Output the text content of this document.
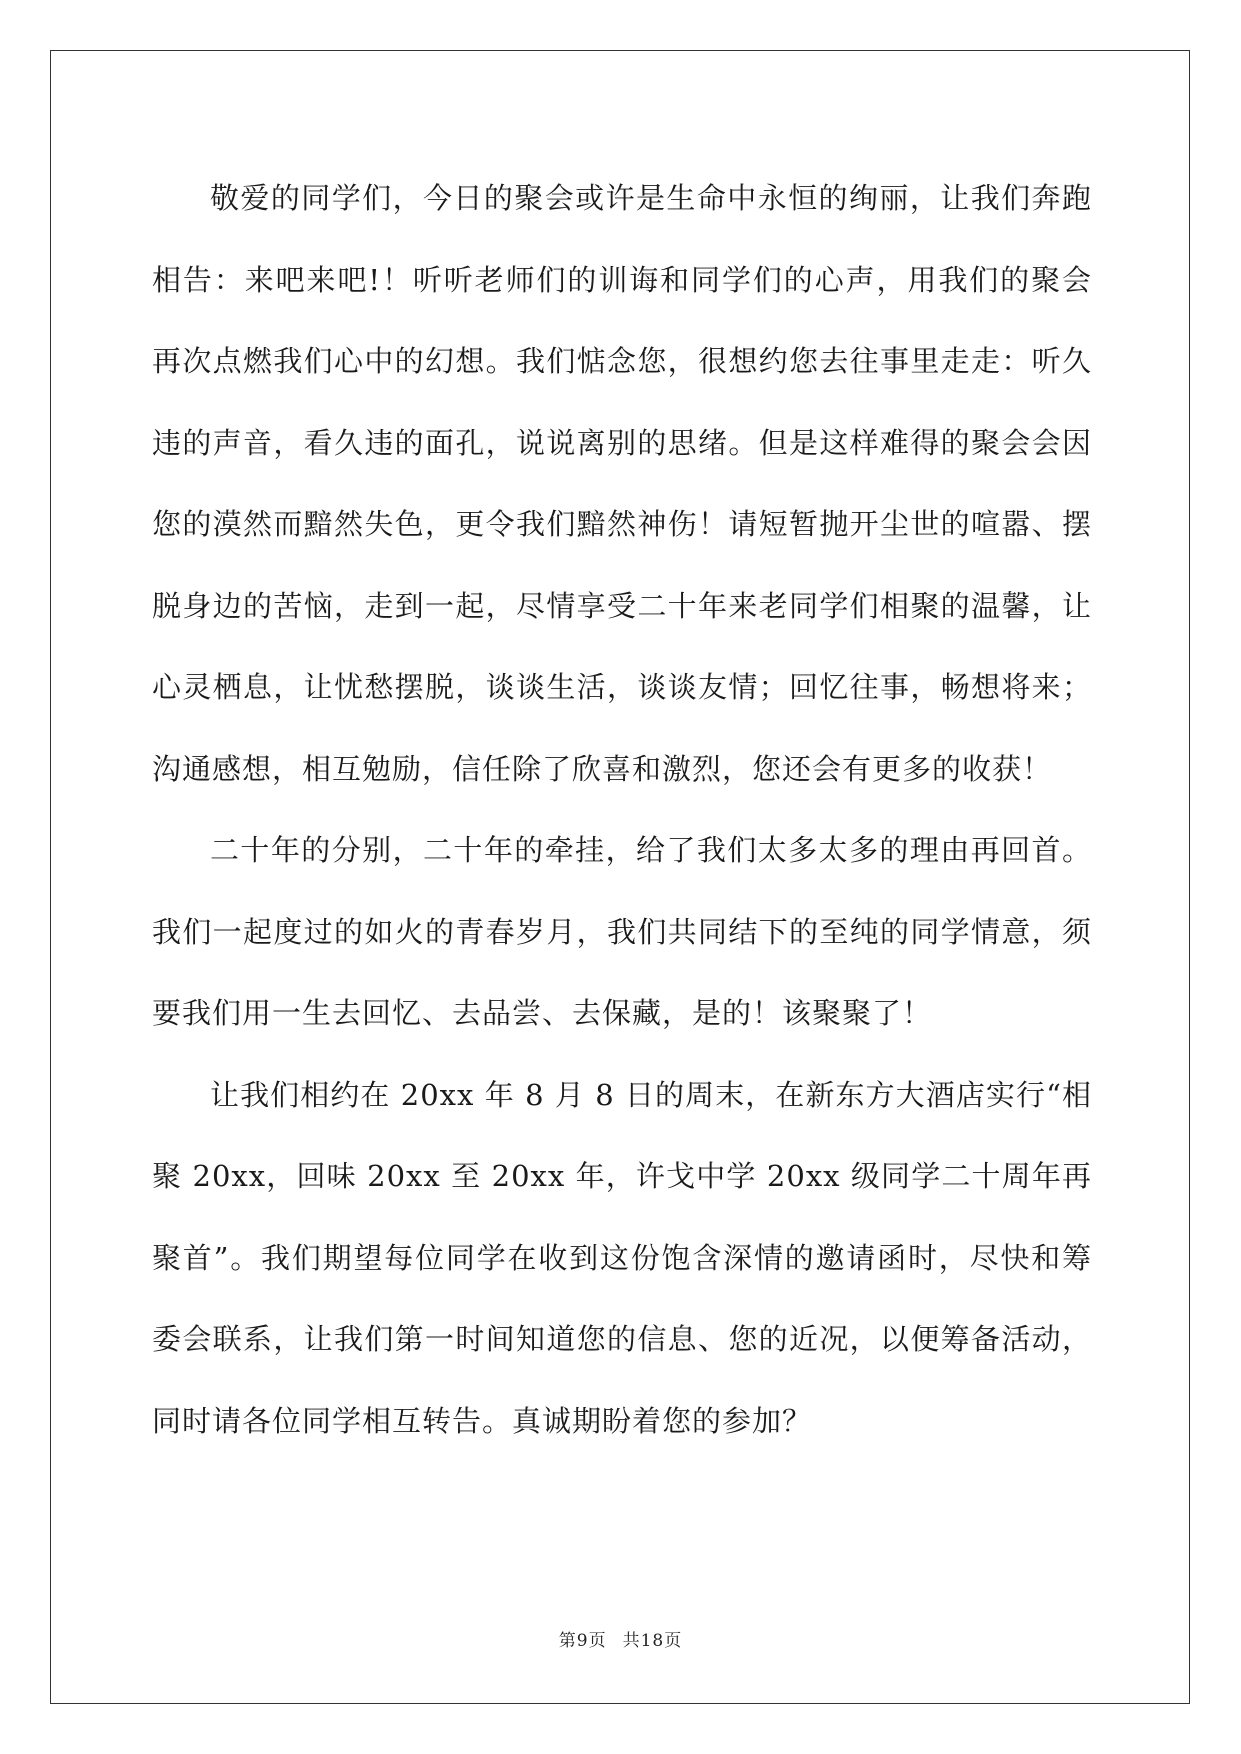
敬爱的同学们，今日的聚会或许是生命中永恒的绚丽，让我们奔跑相告：来吧来吧!！听听老师们的训诲和同学们的心声，用我们的聚会再次点燃我们心中的幻想。我们惦念您，很想约您去往事里走走：听久违的声音，看久违的面孔，说说离别的思绪。但是这样难得的聚会会因您的漠然而黯然失色，更令我们黯然神伤！请短暂抛开尘世的喧嚣、摆脱身边的苦恼，走到一起，尽情享受二十年来老同学们相聚的温馨，让心灵栖息，让忧愁摆脱，谈谈生活，谈谈友情；回忆往事，畅想将来；沟通感想，相互勉励，信任除了欣喜和激烈，您还会有更多的收获！

二十年的分别，二十年的牵挂，给了我们太多太多的理由再回首。我们一起度过的如火的青春岁月，我们共同结下的至纯的同学情意，须要我们用一生去回忆、去品尝、去保藏，是的！该聚聚了！

让我们相约在 20xx 年 8 月 8 日的周末，在新东方大酒店实行“相聚 20xx，回味 20xx 至 20xx 年，许戈中学 20xx 级同学二十周年再聚首”。我们期望每位同学在收到这份饱含深情的邀请函时，尽快和筹委会联系，让我们第一时间知道您的信息、您的近况，以便筹备活动，同时请各位同学相互转告。真诚期盼着您的参加？

第9页 共18页
